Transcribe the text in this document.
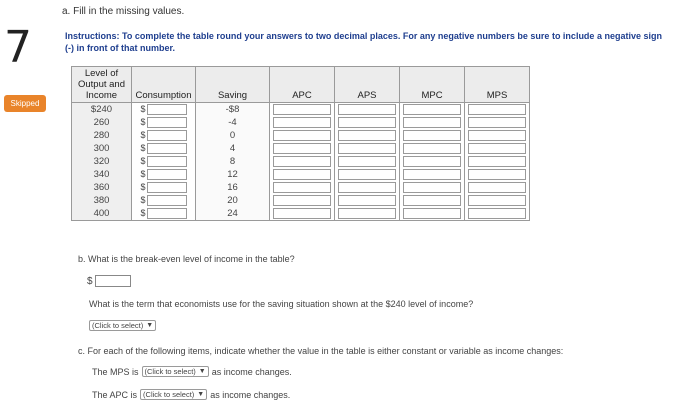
7
Skipped
a. Fill in the missing values.
Instructions: To complete the table round your answers to two decimal places. For any negative numbers be sure to include a negative sign (-) in front of that number.
Level of
Output and
Income	Consumption	Saving	APC	APS	MPC	MPS
$240	$	-$8	

260	$	-4	

280	$	0	

300	$	4	

320	$	8	

340	$	12	

360	$	16	

380	$	20	

400	$	24	

b. What is the break-even level of income in the table?
$
What is the term that economists use for the saving situation shown at the $240 level of income?
(Click to select) ▼
c. For each of the following items, indicate whether the value in the table is either constant or variable as income changes:
The MPS is (Click to select) ▼ as income changes.
The APC is (Click to select) ▼ as income changes.
